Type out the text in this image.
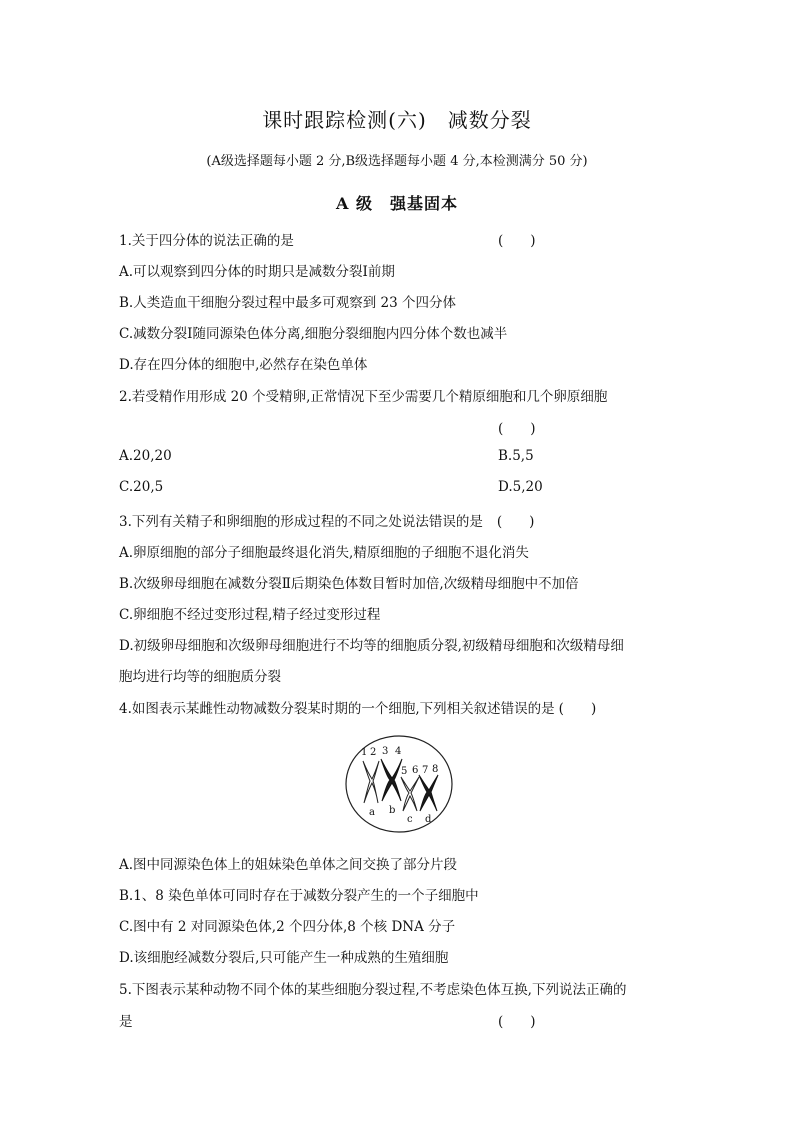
课时跟踪检测(六)　减数分裂
(A级选择题每小题 2 分,B级选择题每小题 4 分,本检测满分 50 分)
A 级　强基固本
1.关于四分体的说法正确的是	(　　)
A.可以观察到四分体的时期只是减数分裂Ⅰ前期
B.人类造血干细胞分裂过程中最多可观察到 23 个四分体
C.减数分裂Ⅰ随同源染色体分离,细胞分裂细胞内四分体个数也减半
D.存在四分体的细胞中,必然存在染色单体
2.若受精作用形成 20 个受精卵,正常情况下至少需要几个精原细胞和几个卵原细胞
(　　)
A.20,20	B.5,5
C.20,5	D.5,20
3.下列有关精子和卵细胞的形成过程的不同之处说法错误的是 (　　)
A.卵原细胞的部分子细胞最终退化消失,精原细胞的子细胞不退化消失
B.次级卵母细胞在减数分裂Ⅱ后期染色体数目暂时加倍,次级精母细胞中不加倍
C.卵细胞不经过变形过程,精子经过变形过程
D.初级卵母细胞和次级卵母细胞进行不均等的细胞质分裂,初级精母细胞和次级精母细
胞均进行均等的细胞质分裂
4.如图表示某雌性动物减数分裂某时期的一个细胞,下列相关叙述错误的是 (　　)
1 2 3 4
5 6 7 8
a b
c d
A.图中同源染色体上的姐妹染色单体之间交换了部分片段
B.1、8 染色单体可同时存在于减数分裂产生的一个子细胞中
C.图中有 2 对同源染色体,2 个四分体,8 个核 DNA 分子
D.该细胞经减数分裂后,只可能产生一种成熟的生殖细胞
5.下图表示某种动物不同个体的某些细胞分裂过程,不考虑染色体互换,下列说法正确的
是	(　　)
